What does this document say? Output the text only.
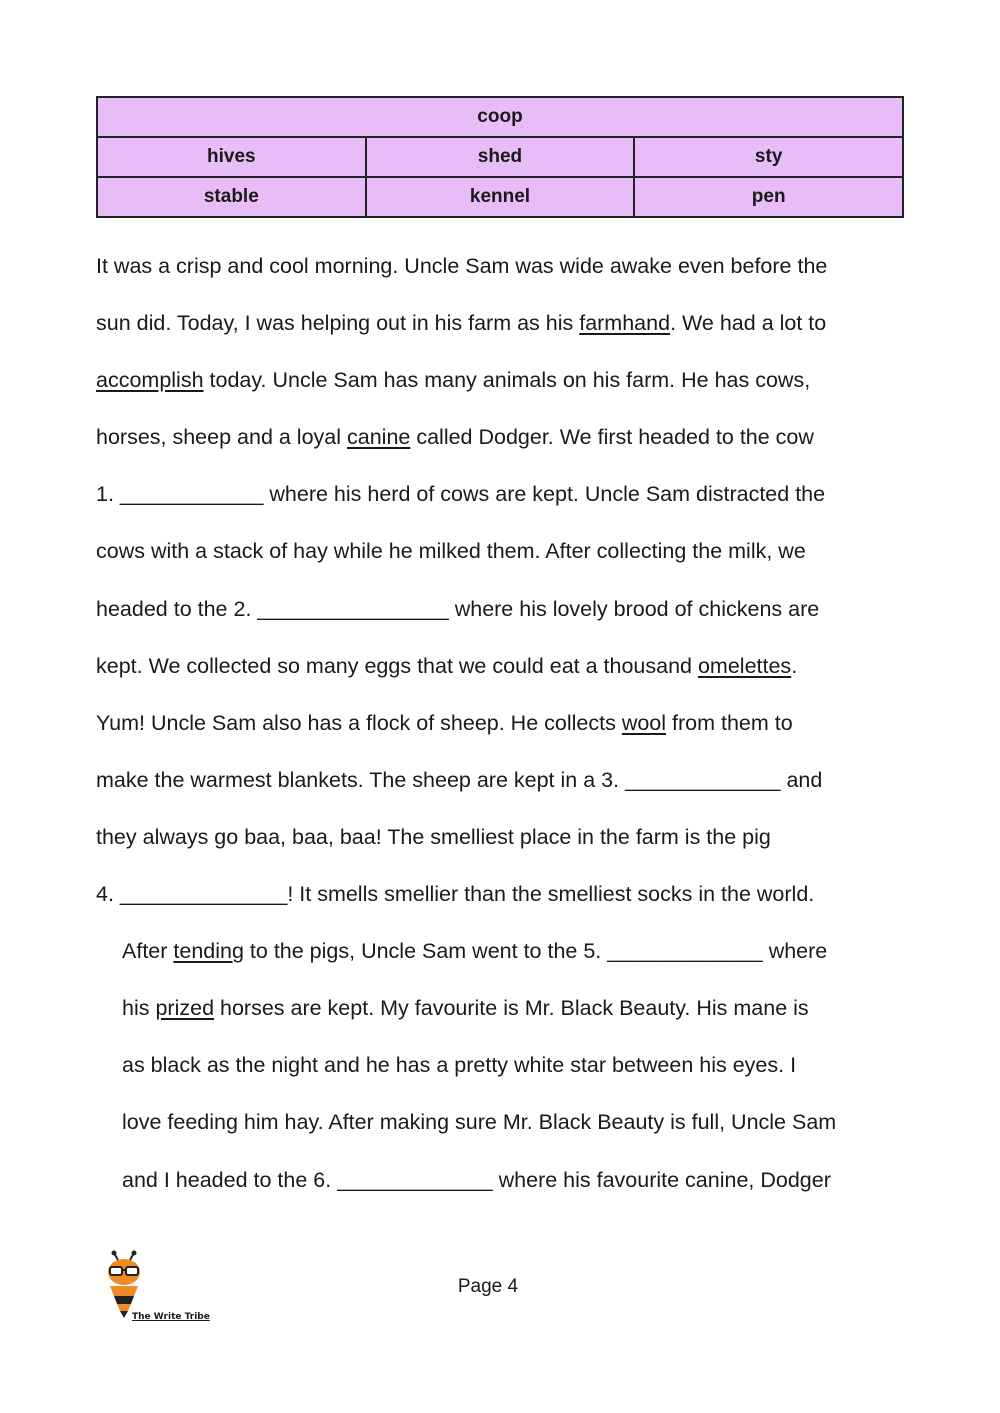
coop		
hives	shed	sty
stable	kennel	pen
It was a crisp and cool morning. Uncle Sam was wide awake even before the
sun did. Today, I was helping out in his farm as his farmhand. We had a lot to
accomplish today. Uncle Sam has many animals on his farm. He has cows,
horses, sheep and a loyal canine called Dodger. We first headed to the cow
1. ____________ where his herd of cows are kept. Uncle Sam distracted the
cows with a stack of hay while he milked them. After collecting the milk, we
headed to the 2. ________________ where his lovely brood of chickens are
kept. We collected so many eggs that we could eat a thousand omelettes.
Yum! Uncle Sam also has a flock of sheep. He collects wool from them to
make the warmest blankets. The sheep are kept in a 3. _____________ and
they always go baa, baa, baa! The smelliest place in the farm is the pig
4. ______________! It smells smellier than the smelliest socks in the world.
After tending to the pigs, Uncle Sam went to the 5. _____________ where
his prized horses are kept. My favourite is Mr. Black Beauty. His mane is
as black as the night and he has a pretty white star between his eyes. I
love feeding him hay. After making sure Mr. Black Beauty is full, Uncle Sam
and I headed to the 6. _____________ where his favourite canine, Dodger
The Write Tribe
Page 4
